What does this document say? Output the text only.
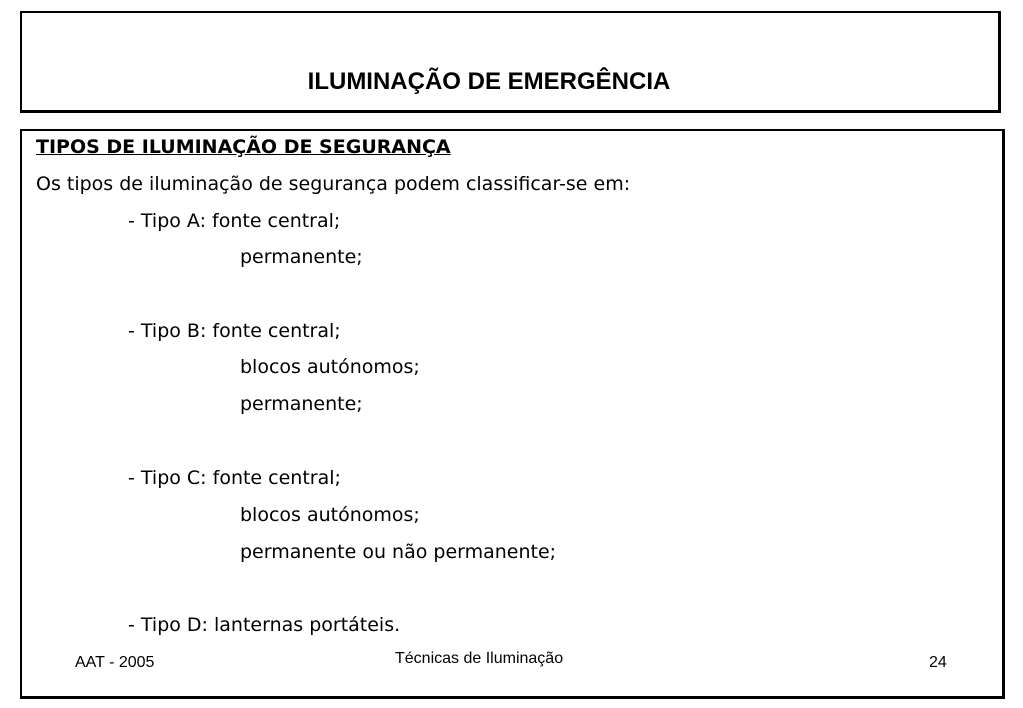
ILUMINAÇÃO DE EMERGÊNCIA
TIPOS DE ILUMINAÇÃO DE SEGURANÇA
Os tipos de iluminação de segurança podem classificar-se em:
- Tipo A: fonte central;
permanente;
- Tipo B: fonte central;
blocos autónomos;
permanente;
- Tipo C: fonte central;
blocos autónomos;
permanente ou não permanente;
- Tipo D: lanternas portáteis.
AAT - 2005	Técnicas de Iluminação	24
